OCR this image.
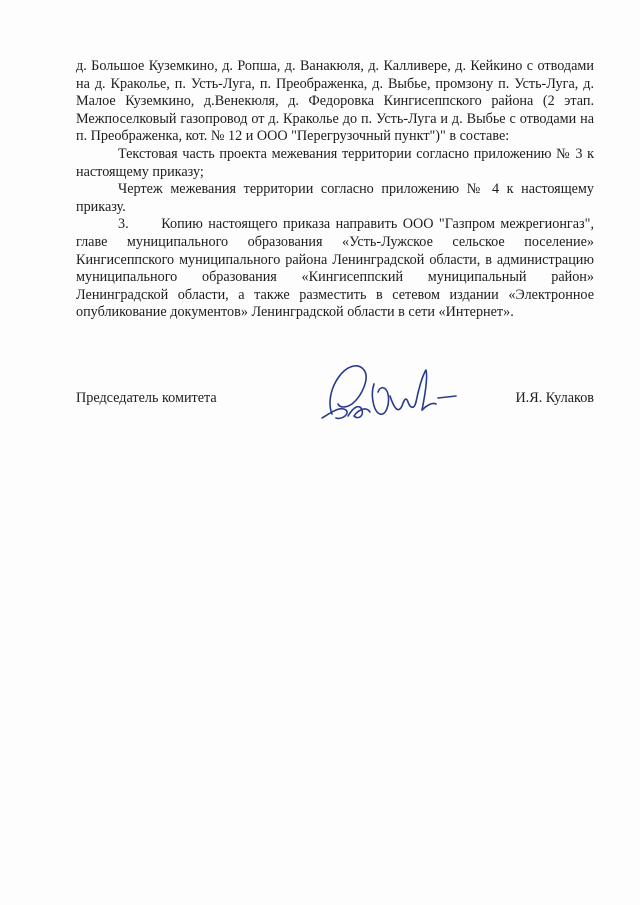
д. Большое Куземкино, д. Ропша, д. Ванакюля, д. Калливере, д. Кейкино с отводами на д. Краколье, п. Усть-Луга, п. Преображенка, д. Выбье, промзону п. Усть-Луга, д. Малое Куземкино, д.Венекюля, д. Федоровка Кингисеппского района (2 этап. Межпоселковый газопровод от д. Краколье до п. Усть-Луга и д. Выбье с отводами на п. Преображенка, кот. № 12 и ООО "Перегрузочный пункт")" в составе:

Текстовая часть проекта межевания территории согласно приложению № 3 к настоящему приказу;

Чертеж межевания территории согласно приложению № 4 к настоящему приказу.

3.      Копию настоящего приказа направить ООО "Газпром межрегионгаз", главе муниципального образования «Усть-Лужское сельское поселение» Кингисеппского муниципального района Ленинградской области, в администрацию муниципального образования «Кингисеппский муниципальный район» Ленинградской области, а также разместить в сетевом издании «Электронное опубликование документов» Ленинградской области в сети «Интернет».

Председатель комитета	И.Я. Кулаков
